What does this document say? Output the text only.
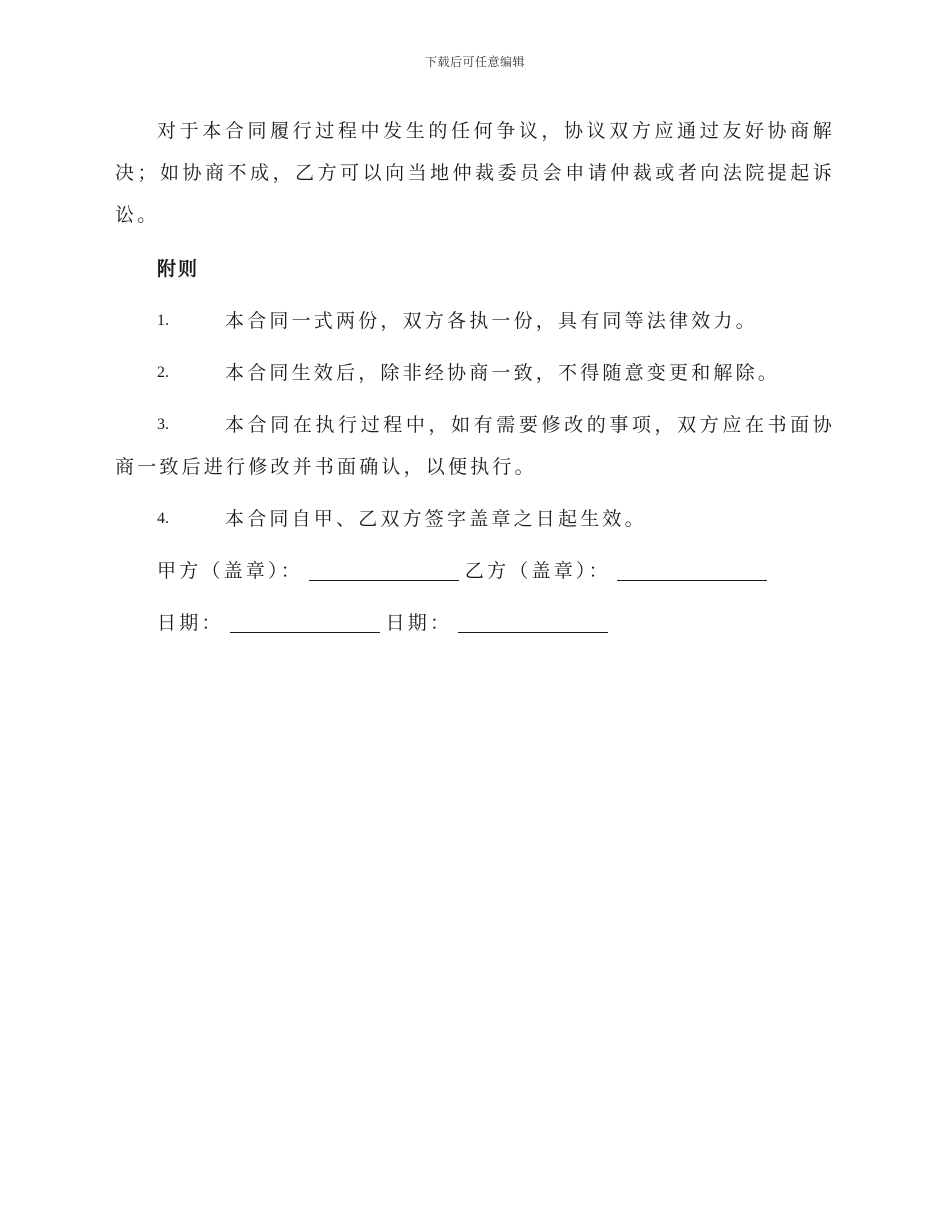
下载后可任意编辑

对于本合同履行过程中发生的任何争议，协议双方应通过友好协商解决；如协商不成，乙方可以向当地仲裁委员会申请仲裁或者向法院提起诉讼。

附则
1.	本合同一式两份，双方各执一份，具有同等法律效力。
2.	本合同生效后，除非经协商一致，不得随意变更和解除。
3.	本合同在执行过程中，如有需要修改的事项，双方应在书面协商一致后进行修改并书面确认，以便执行。
4.	本合同自甲、乙双方签字盖章之日起生效。
甲方（盖章）：	乙方（盖章）：
日期：	日期：
